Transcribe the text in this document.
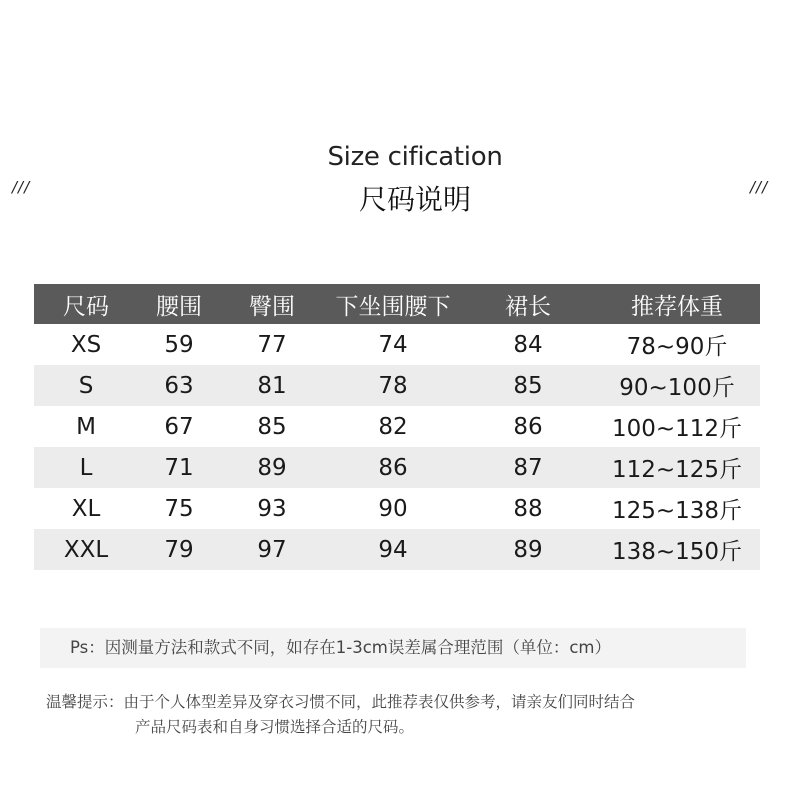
///	///
Size cification
尺码说明
尺码	腰围	臀围	下坐围腰下	裙长	推荐体重
XS	59	77	74	84	78~90斤
S	63	81	78	85	90~100斤
M	67	85	82	86	100~112斤
L	71	89	86	87	112~125斤
XL	75	93	90	88	125~138斤
XXL	79	97	94	89	138~150斤
Ps：因测量方法和款式不同，如存在1-3cm误差属合理范围（单位：cm）
温馨提示：由于个人体型差异及穿衣习惯不同，此推荐表仅供参考，请亲友们同时结合
产品尺码表和自身习惯选择合适的尺码。
